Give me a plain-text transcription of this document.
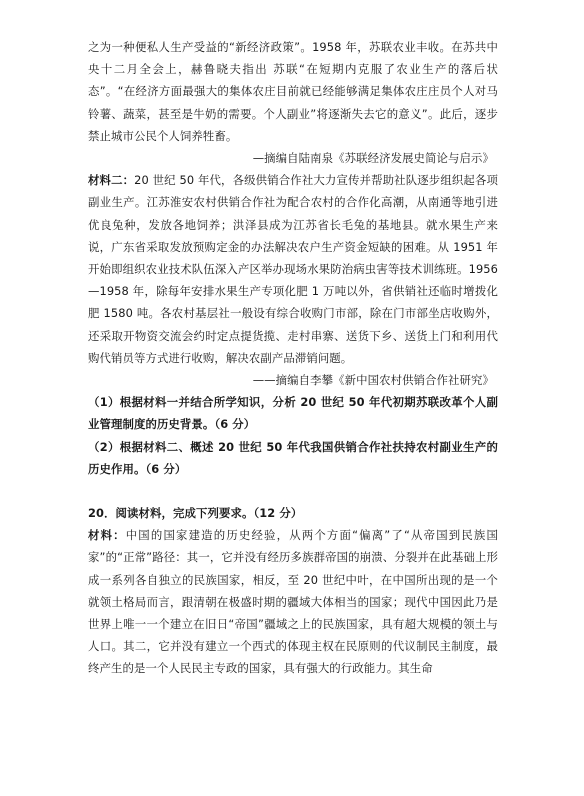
之为一种便私人生产受益的“新经济政策”。1958 年，苏联农业丰收。在苏共中央十二月全会上，赫鲁晓夫指出 苏联“在短期内克服了农业生产的落后状态”。“在经济方面最强大的集体农庄目前就已经能够满足集体农庄庄员个人对马铃薯、蔬菜，甚至是牛奶的需要。个人副业”将逐渐失去它的意义”。此后，逐步禁止城市公民个人饲养牲畜。

—摘编自陆南泉《苏联经济发展史简论与启示》

材料二：20 世纪 50 年代，各级供销合作社大力宣传并帮助社队逐步组织起各项副业生产。江苏淮安农村供销合作社为配合农村的合作化高潮，从南通等地引进优良兔种，发放各地饲养；洪泽县成为江苏省长毛兔的基地县。就水果生产来说，广东省采取发放预购定金的办法解决农户生产资金短缺的困难。从 1951 年开始即组织农业技术队伍深入产区举办现场水果防治病虫害等技术训练班。1956—1958 年，除每年安排水果生产专项化肥 1 万吨以外，省供销社还临时增拨化肥 1580 吨。各农村基层社一般设有综合收购门市部，除在门市部坐店收购外，还采取开物资交流会约时定点提货揽、走村串寨、送货下乡、送货上门和利用代购代销员等方式进行收购，解决农副产品滞销问题。

——摘编自李攀《新中国农村供销合作社研究》

（1）根据材料一并结合所学知识，分析 20 世纪 50 年代初期苏联改革个人副业管理制度的历史背景。（6 分）

（2）根据材料二、概述 20 世纪 50 年代我国供销合作社扶持农村副业生产的历史作用。（6 分）

20．阅读材料，完成下列要求。（12 分）

材料：中国的国家建造的历史经验，从两个方面“偏离”了“从帝国到民族国家”的“正常”路径：其一，它并没有经历多族群帝国的崩溃、分裂并在此基础上形成一系列各自独立的民族国家，相反，至 20 世纪中叶，在中国所出现的是一个就领土格局而言，跟清朝在极盛时期的疆域大体相当的国家；现代中国因此乃是世界上唯一一个建立在旧日“帝国”疆域之上的民族国家，具有超大规模的领土与人口。其二，它并没有建立一个西式的体现主权在民原则的代议制民主制度，最终产生的是一个人民民主专政的国家，具有强大的行政能力。其生命
